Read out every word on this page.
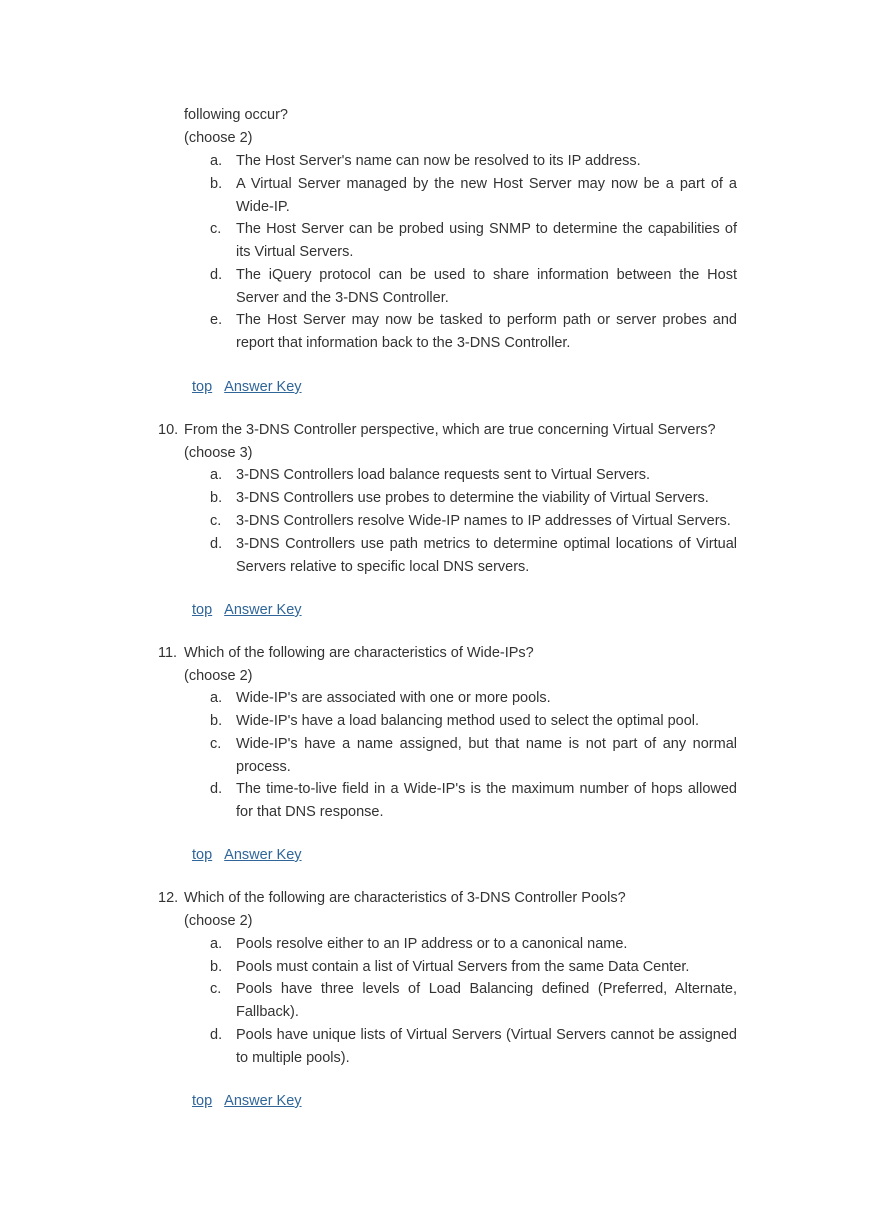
following occur?
(choose 2)
a. The Host Server's name can now be resolved to its IP address.
b. A Virtual Server managed by the new Host Server may now be a part of a Wide-IP.
c. The Host Server can be probed using SNMP to determine the capabilities of its Virtual Servers.
d. The iQuery protocol can be used to share information between the Host Server and the 3-DNS Controller.
e. The Host Server may now be tasked to perform path or server probes and report that information back to the 3-DNS Controller.
top Answer Key
10. From the 3-DNS Controller perspective, which are true concerning Virtual Servers?
(choose 3)
a. 3-DNS Controllers load balance requests sent to Virtual Servers.
b. 3-DNS Controllers use probes to determine the viability of Virtual Servers.
c. 3-DNS Controllers resolve Wide-IP names to IP addresses of Virtual Servers.
d. 3-DNS Controllers use path metrics to determine optimal locations of Virtual Servers relative to specific local DNS servers.
top Answer Key
11. Which of the following are characteristics of Wide-IPs?
(choose 2)
a. Wide-IP's are associated with one or more pools.
b. Wide-IP's have a load balancing method used to select the optimal pool.
c. Wide-IP's have a name assigned, but that name is not part of any normal process.
d. The time-to-live field in a Wide-IP's is the maximum number of hops allowed for that DNS response.
top Answer Key
12. Which of the following are characteristics of 3-DNS Controller Pools?
(choose 2)
a. Pools resolve either to an IP address or to a canonical name.
b. Pools must contain a list of Virtual Servers from the same Data Center.
c. Pools have three levels of Load Balancing defined (Preferred, Alternate, Fallback).
d. Pools have unique lists of Virtual Servers (Virtual Servers cannot be assigned to multiple pools).
top Answer Key
